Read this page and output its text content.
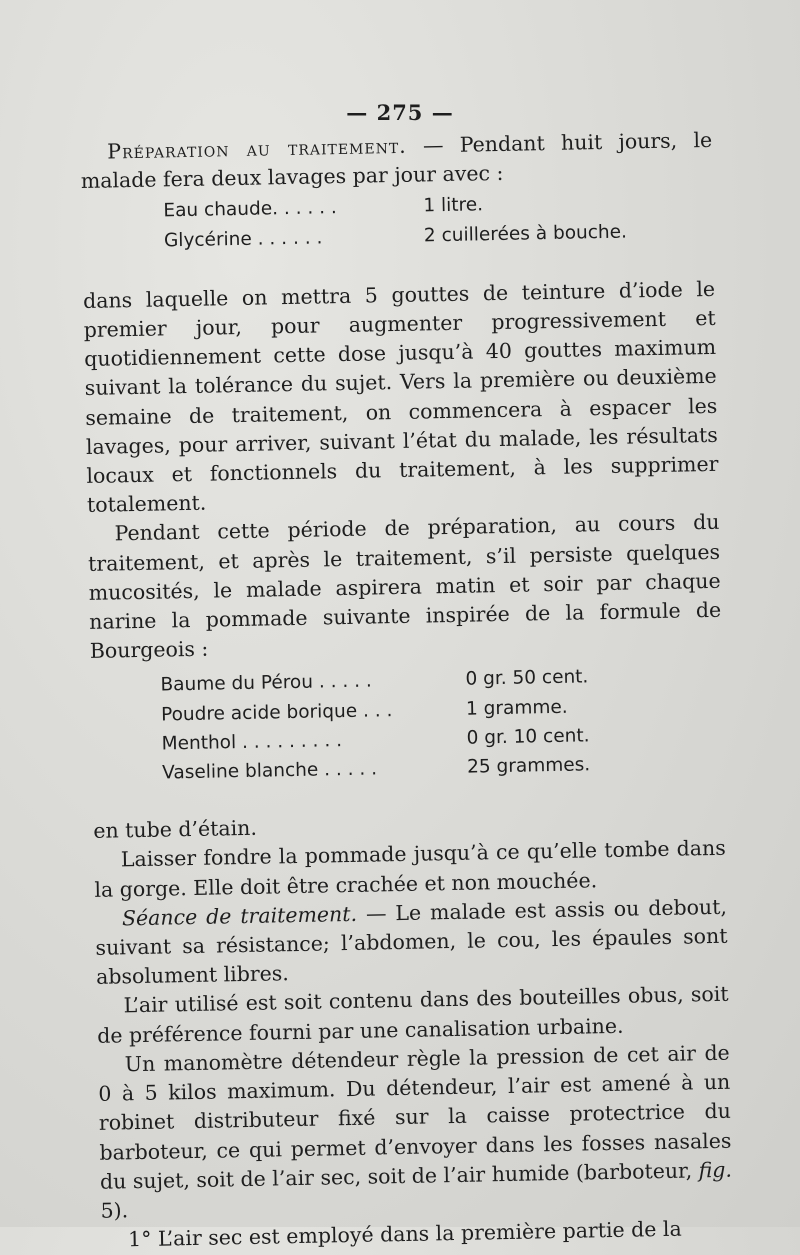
— 275 —

Préparation au traitement. — Pendant huit jours, le malade fera deux lavages par jour avec :

Eau chaude. . . . . .	1 litre.
Glycérine . . . . . .	2 cuillerées à bouche.

dans laquelle on mettra 5 gouttes de teinture d’iode le premier jour, pour augmenter progressivement et quotidiennement cette dose jusqu’à 40 gouttes maximum suivant la tolérance du sujet. Vers la première ou deuxième semaine de traitement, on commencera à espacer les lavages, pour arriver, suivant l’état du malade, les résultats locaux et fonctionnels du traitement, à les supprimer totalement.

Pendant cette période de préparation, au cours du traitement, et après le traitement, s’il persiste quelques mucosités, le malade aspirera matin et soir par chaque narine la pommade suivante inspirée de la formule de Bourgeois :

Baume du Pérou . . . . .	0 gr. 50 cent.
Poudre acide borique . . .	1 gramme.
Menthol . . . . . . . . .	0 gr. 10 cent.
Vaseline blanche . . . . .	25 grammes.

en tube d’étain.

Laisser fondre la pommade jusqu’à ce qu’elle tombe dans la gorge. Elle doit être crachée et non mouchée.

Séance de traitement. — Le malade est assis ou debout, suivant sa résistance; l’abdomen, le cou, les épaules sont absolument libres.

L’air utilisé est soit contenu dans des bouteilles obus, soit de préférence fourni par une canalisation urbaine.

Un manomètre détendeur règle la pression de cet air de 0 à 5 kilos maximum. Du détendeur, l’air est amené à un robinet distributeur fixé sur la caisse protectrice du barboteur, ce qui permet d’envoyer dans les fosses nasales du sujet, soit de l’air sec, soit de l’air humide (barboteur, fig. 5).

1° L’air sec est employé dans la première partie de la
